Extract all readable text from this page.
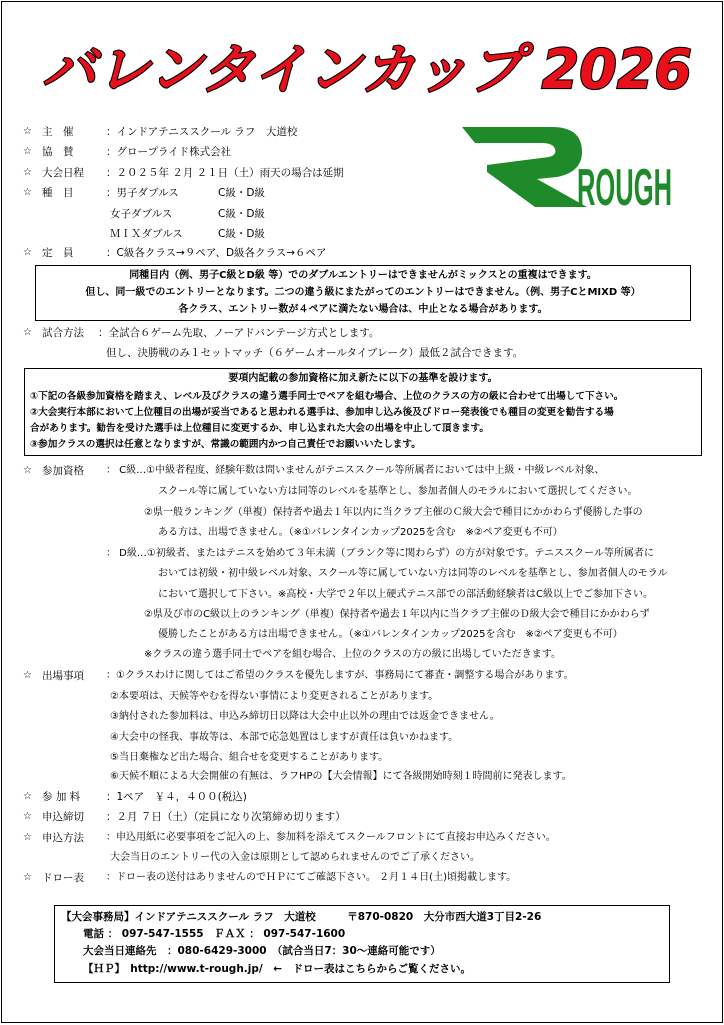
バレンタインカップ 2026
ROUGH
☆ 主　催	：インドアテニススクール ラフ　大道校
☆ 協　賛	：グロープライド株式会社
☆ 大会日程	：２０２５年 ２月 ２１日（土）雨天の場合は延期
☆ 種　目	：男子ダブルス	C級・D級
女子ダブルス	C級・D級
ＭＩＸダブルス	C級・D級
☆ 定　員	：C級各クラス→９ペア、D級各クラス→６ペア
同種目内（例、男子C級とD級 等）でのダブルエントリーはできませんがミックスとの重複はできます。
但し、同一級でのエントリーとなります。二つの違う級にまたがってのエントリーはできません。（例、男子CとMIXD 等）
各クラス、エントリー数が４ペアに満たない場合は、中止となる場合があります。
☆ 試合方法	：全試合６ゲーム先取、ノーアドバンテージ方式とします。
但し、決勝戦のみ１セットマッチ（６ゲームオールタイブレーク）最低２試合できます。
要項内記載の参加資格に加え新たに以下の基準を設けます。
①下記の各級参加資格を踏まえ、レベル及びクラスの違う選手同士でペアを組む場合、上位のクラスの方の級に合わせて出場して下さい。
②大会実行本部において上位種目の出場が妥当であると思われる選手は、参加申し込み後及びドロー発表後でも種目の変更を勧告する場
合があります。勧告を受けた選手は上位種目に変更するか、申し込まれた大会の出場を中止して頂きます。
③参加クラスの選択は任意となりますが、常識の範囲内かつ自己責任でお願いいたします。
☆ 参加資格	： C級…①中級者程度、経験年数は問いませんがテニススクール等所属者においては中上級・中級レベル対象、
スクール等に属していない方は同等のレベルを基準とし、参加者個人のモラルにおいて選択してください。
②県一般ランキング（単複）保持者や過去１年以内に当クラブ主催のＣ級大会で種目にかかわらず優勝した事の
ある方は、出場できません。（※①バレンタインカップ2025を含む　※②ペア変更も不可）
： D級…①初級者、またはテニスを始めて３年未満（ブランク等に関わらず）の方が対象です。テニススクール等所属者に
おいては初級・初中級レベル対象、スクール等に属していない方は同等のレベルを基準とし、参加者個人のモラル
において選択して下さい。※高校・大学で２年以上硬式テニス部での部活動経験者はC級以上でご参加下さい。
②県及び市のC級以上のランキング（単複）保持者や過去１年以内に当クラブ主催のＤ級大会で種目にかかわらず
優勝したことがある方は出場できません。（※①バレンタインカップ2025を含む　※②ペア変更も不可）
※クラスの違う選手同士でペアを組む場合、上位のクラスの方の級に出場していただきます。
☆ 出場事項	：①クラスわけに関してはご希望のクラスを優先しますが、事務局にて審査・調整する場合があります。
②本要項は、天候等やむを得ない事情により変更されることがあります。
③納付された参加料は、申込み締切日以降は大会中止以外の理由では返金できません。
④大会中の怪我、事故等は、本部で応急処置はしますが責任は負いかねます。
⑤当日棄権など出た場合、組合せを変更することがあります。
⑥天候不順による大会開催の有無は、ラフHPの【大会情報】にて各級開始時刻１時間前に発表します。
☆ 参 加 料	：1ペア　￥４，４００(税込)
☆ 申込締切	：２月 ７日（土）（定員になり次第締め切ります）
☆ 申込方法	：申込用紙に必要事項をご記入の上、参加料を添えてスクールフロントにて直接お申込みください。
大会当日のエントリー代の入金は原則として認められませんのでご了承ください。
☆ ドロー表	：ドロー表の送付はありませんのでＨＰにてご確認下さい。 ２月１４日(土)頃掲載します。
【大会事務局】インドアテニススクール ラフ　大道校　　　〒870-0820　大分市西大道3丁目2-26
電話 ： 097-547-1555　ＦＡＸ ： 097-547-1600
大会当日連絡先　：080-6429-3000　（試合当日7：30～連絡可能です）
【ＨＰ】　http://www.t-rough.jp/　←　ドロー表はこちらからご覧ください。
